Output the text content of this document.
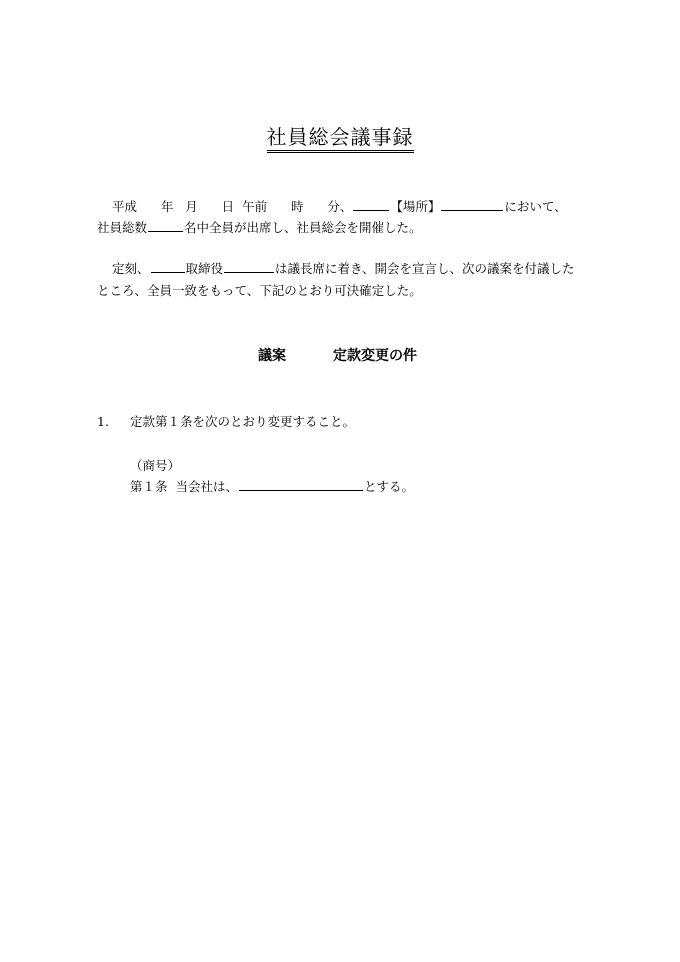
社員総会議事録
平成 年 月 日 午前 時 分、	【場所】	において、
社員総数	名中全員が出席し、社員総会を開催した。
定刻、	取締役	は議長席に着き、開会を宣言し、次の議案を付議した
ところ、全員一致をもって、下記のとおり可決確定した。
議案	定款変更の件
1. 定款第１条を次のとおり変更すること。
（商号）
第１条 当会社は、	とする。
